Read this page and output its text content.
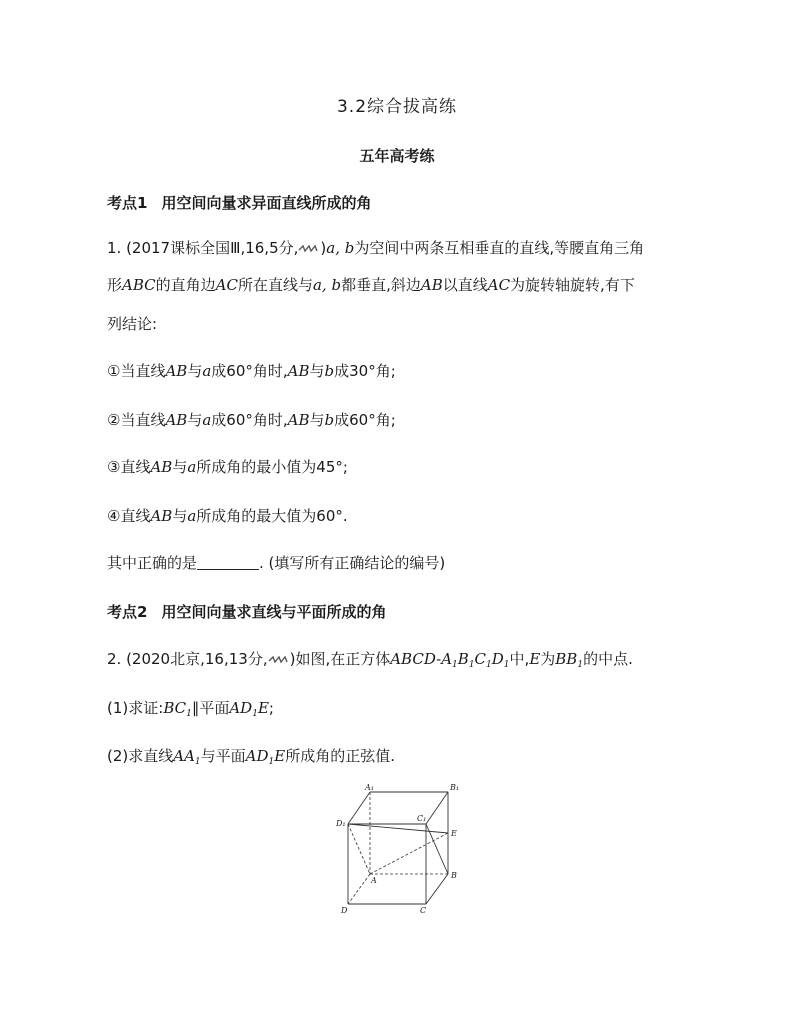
3.2综合拔高练
五年高考练
考点1 用空间向量求异面直线所成的角
1. (2017课标全国Ⅲ,16,5分, )a, b为空间中两条互相垂直的直线,等腰直角三角
形ABC的直角边AC所在直线与a, b都垂直,斜边AB以直线AC为旋转轴旋转,有下
列结论:
①当直线AB与a成60°角时,AB与b成30°角;
②当直线AB与a成60°角时,AB与b成60°角;
③直线AB与a所成角的最小值为45°;
④直线AB与a所成角的最大值为60°.
其中正确的是	. (填写所有正确结论的编号)
考点2 用空间向量求直线与平面所成的角
2. (2020北京,16,13分, )如图,在正方体ABCD-$A_1B_1C_1D_1$中,E为$BB_1$的中点.
(1)求证$:BC_1\parallel$平面$AD_1E$;
(2)求直线$AA_1$与平面$AD_1E$所成角的正弦值.
A₁	B₁
C₁
D₁
E
A
B
C
D
